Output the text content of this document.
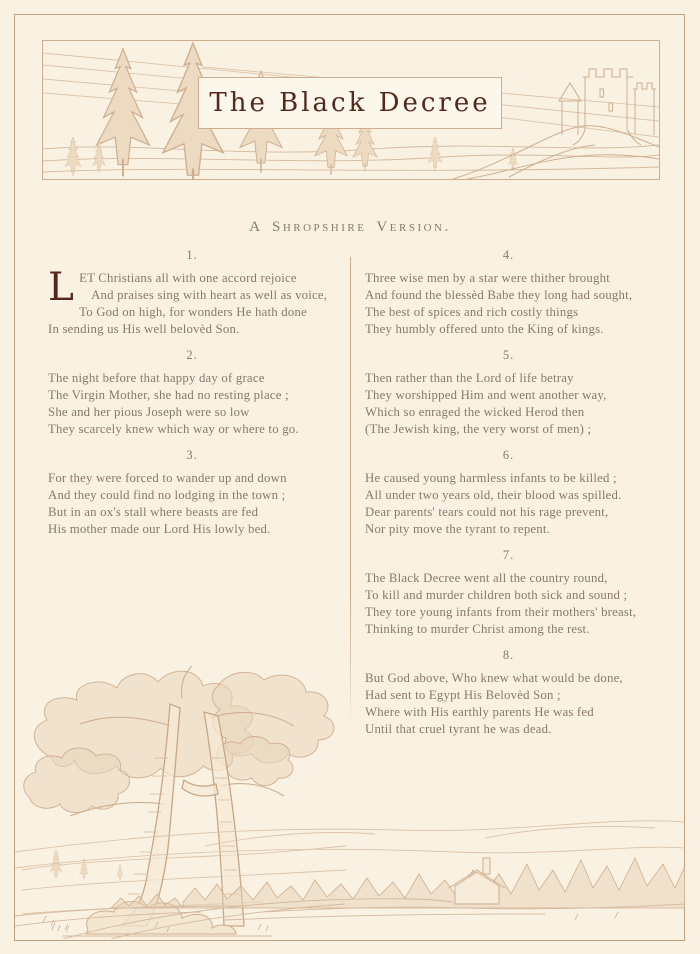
The Black Decree
A Shropshire Version.
1.
LET Christians all with one accord rejoice
And praises sing with heart as well as voice,
To God on high, for wonders He hath done
In sending us His well belovèd Son.
2.
The night before that happy day of grace
The Virgin Mother, she had no resting place ;
She and her pious Joseph were so low
They scarcely knew which way or where to go.
3.
For they were forced to wander up and down
And they could find no lodging in the town ;
But in an ox's stall where beasts are fed
His mother made our Lord His lowly bed.
4.
Three wise men by a star were thither brought
And found the blessèd Babe they long had sought,
The best of spices and rich costly things
They humbly offered unto the King of kings.
5.
Then rather than the Lord of life betray
They worshipped Him and went another way,
Which so enraged the wicked Herod then
(The Jewish king, the very worst of men) ;
6.
He caused young harmless infants to be killed ;
All under two years old, their blood was spilled.
Dear parents' tears could not his rage prevent,
Nor pity move the tyrant to repent.
7.
The Black Decree went all the country round,
To kill and murder children both sick and sound ;
They tore young infants from their mothers' breast,
Thinking to murder Christ among the rest.
8.
But God above, Who knew what would be done,
Had sent to Egypt His Belovèd Son ;
Where with His earthly parents He was fed
Until that cruel tyrant he was dead.
